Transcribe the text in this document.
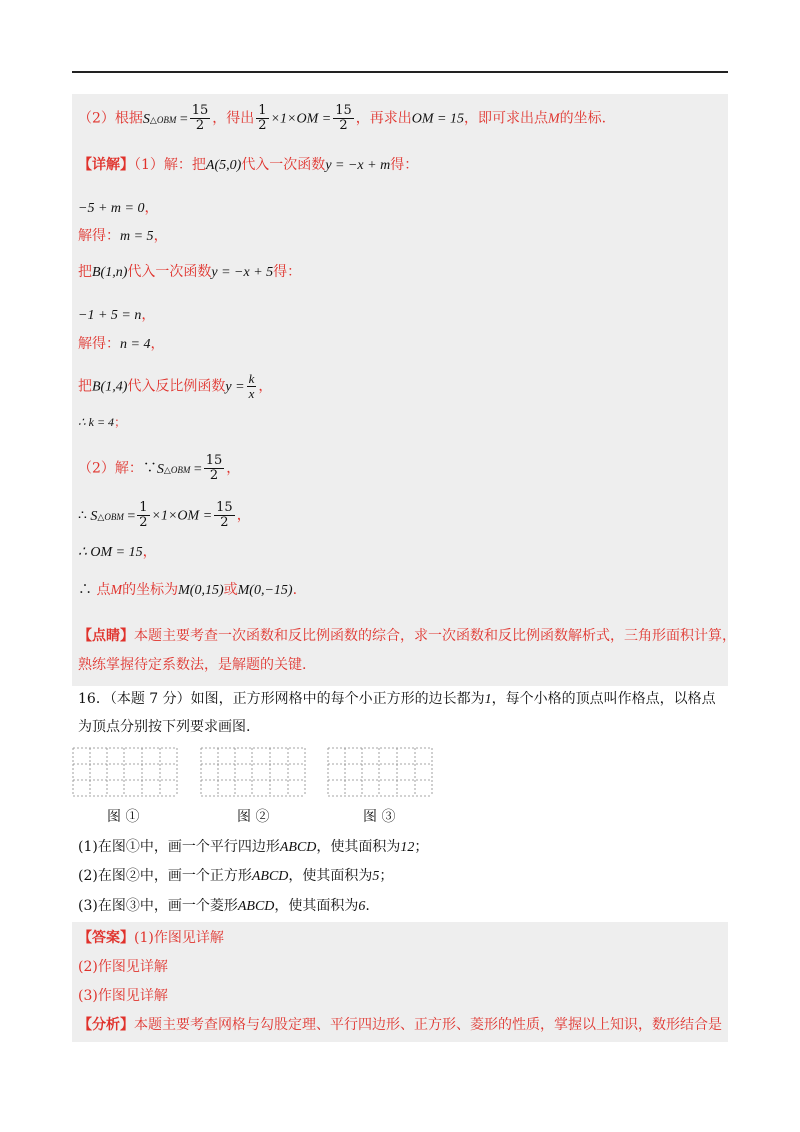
（2）根据S△OBM = $\frac{15}{2}$ ，得出 $\frac{1}{2} \times 1\times OM = \frac{15}{2}$ ，再求出OM = 15，即可求出点M的坐标.
【详解】（1）解：把A(5,0)代入一次函数y = −x + m得：
−5 + m = 0，
解得：m = 5，
把B(1,n)代入一次函数y = −x + 5得：
−1 + 5 = n，
解得：n = 4，
把B(1,4)代入反比例函数$y = \frac{k}{x}$ ，
∴ k = 4；
（2）解：∵S△OBM = $\frac{15}{2}$ ，
∴ S△OBM = $\frac{1}{2} \times 1\times OM = \frac{15}{2}$ ，
∴ OM = 15，
∴ 点M的坐标为M(0,15)或M(0,−15).
【点睛】本题主要考查一次函数和反比例函数的综合，求一次函数和反比例函数解析式，三角形面积计算，
熟练掌握待定系数法，是解题的关键.
16．（本题 7 分）如图，正方形网格中的每个小正方形的边长都为1，每个小格的顶点叫作格点，以格点
为顶点分别按下列要求画图.
图 ①	图 ②	图 ③
(1)在图①中，画一个平行四边形ABCD，使其面积为12；
(2)在图②中，画一个正方形ABCD，使其面积为5；
(3)在图③中，画一个菱形ABCD，使其面积为6.
【答案】(1)作图见详解
(2)作图见详解
(3)作图见详解
【分析】本题主要考查网格与勾股定理、平行四边形、正方形、菱形的性质，掌握以上知识，数形结合是
